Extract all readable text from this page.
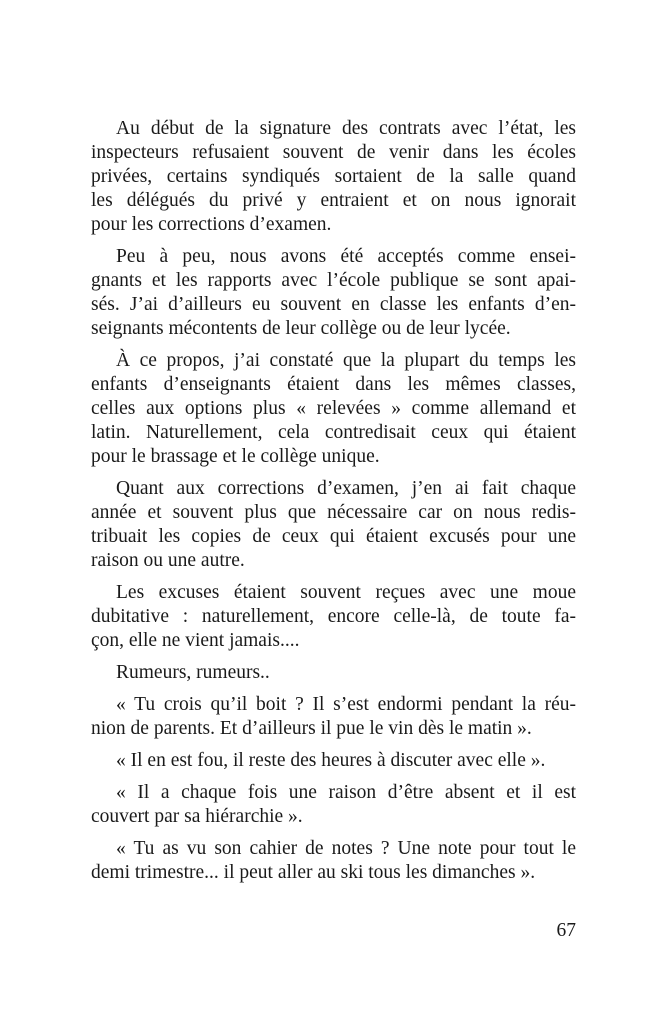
Au début de la signature des contrats avec l’état, les
inspecteurs refusaient souvent de venir dans les écoles
privées, certains syndiqués sortaient de la salle quand
les délégués du privé y entraient et on nous ignorait
pour les corrections d’examen.
Peu à peu, nous avons été acceptés comme ensei-
gnants et les rapports avec l’école publique se sont apai-
sés. J’ai d’ailleurs eu souvent en classe les enfants d’en-
seignants mécontents de leur collège ou de leur lycée.
À ce propos, j’ai constaté que la plupart du temps les
enfants d’enseignants étaient dans les mêmes classes,
celles aux options plus « relevées » comme allemand et
latin. Naturellement, cela contredisait ceux qui étaient
pour le brassage et le collège unique.
Quant aux corrections d’examen, j’en ai fait chaque
année et souvent plus que nécessaire car on nous redis-
tribuait les copies de ceux qui étaient excusés pour une
raison ou une autre.
Les excuses étaient souvent reçues avec une moue
dubitative : naturellement, encore celle-là, de toute fa-
çon, elle ne vient jamais....
Rumeurs, rumeurs..
« Tu crois qu’il boit ? Il s’est endormi pendant la réu-
nion de parents. Et d’ailleurs il pue le vin dès le matin ».
« Il en est fou, il reste des heures à discuter avec elle ».
« Il a chaque fois une raison d’être absent et il est
couvert par sa hiérarchie ».
« Tu as vu son cahier de notes ? Une note pour tout le
demi trimestre... il peut aller au ski tous les dimanches ».
67
